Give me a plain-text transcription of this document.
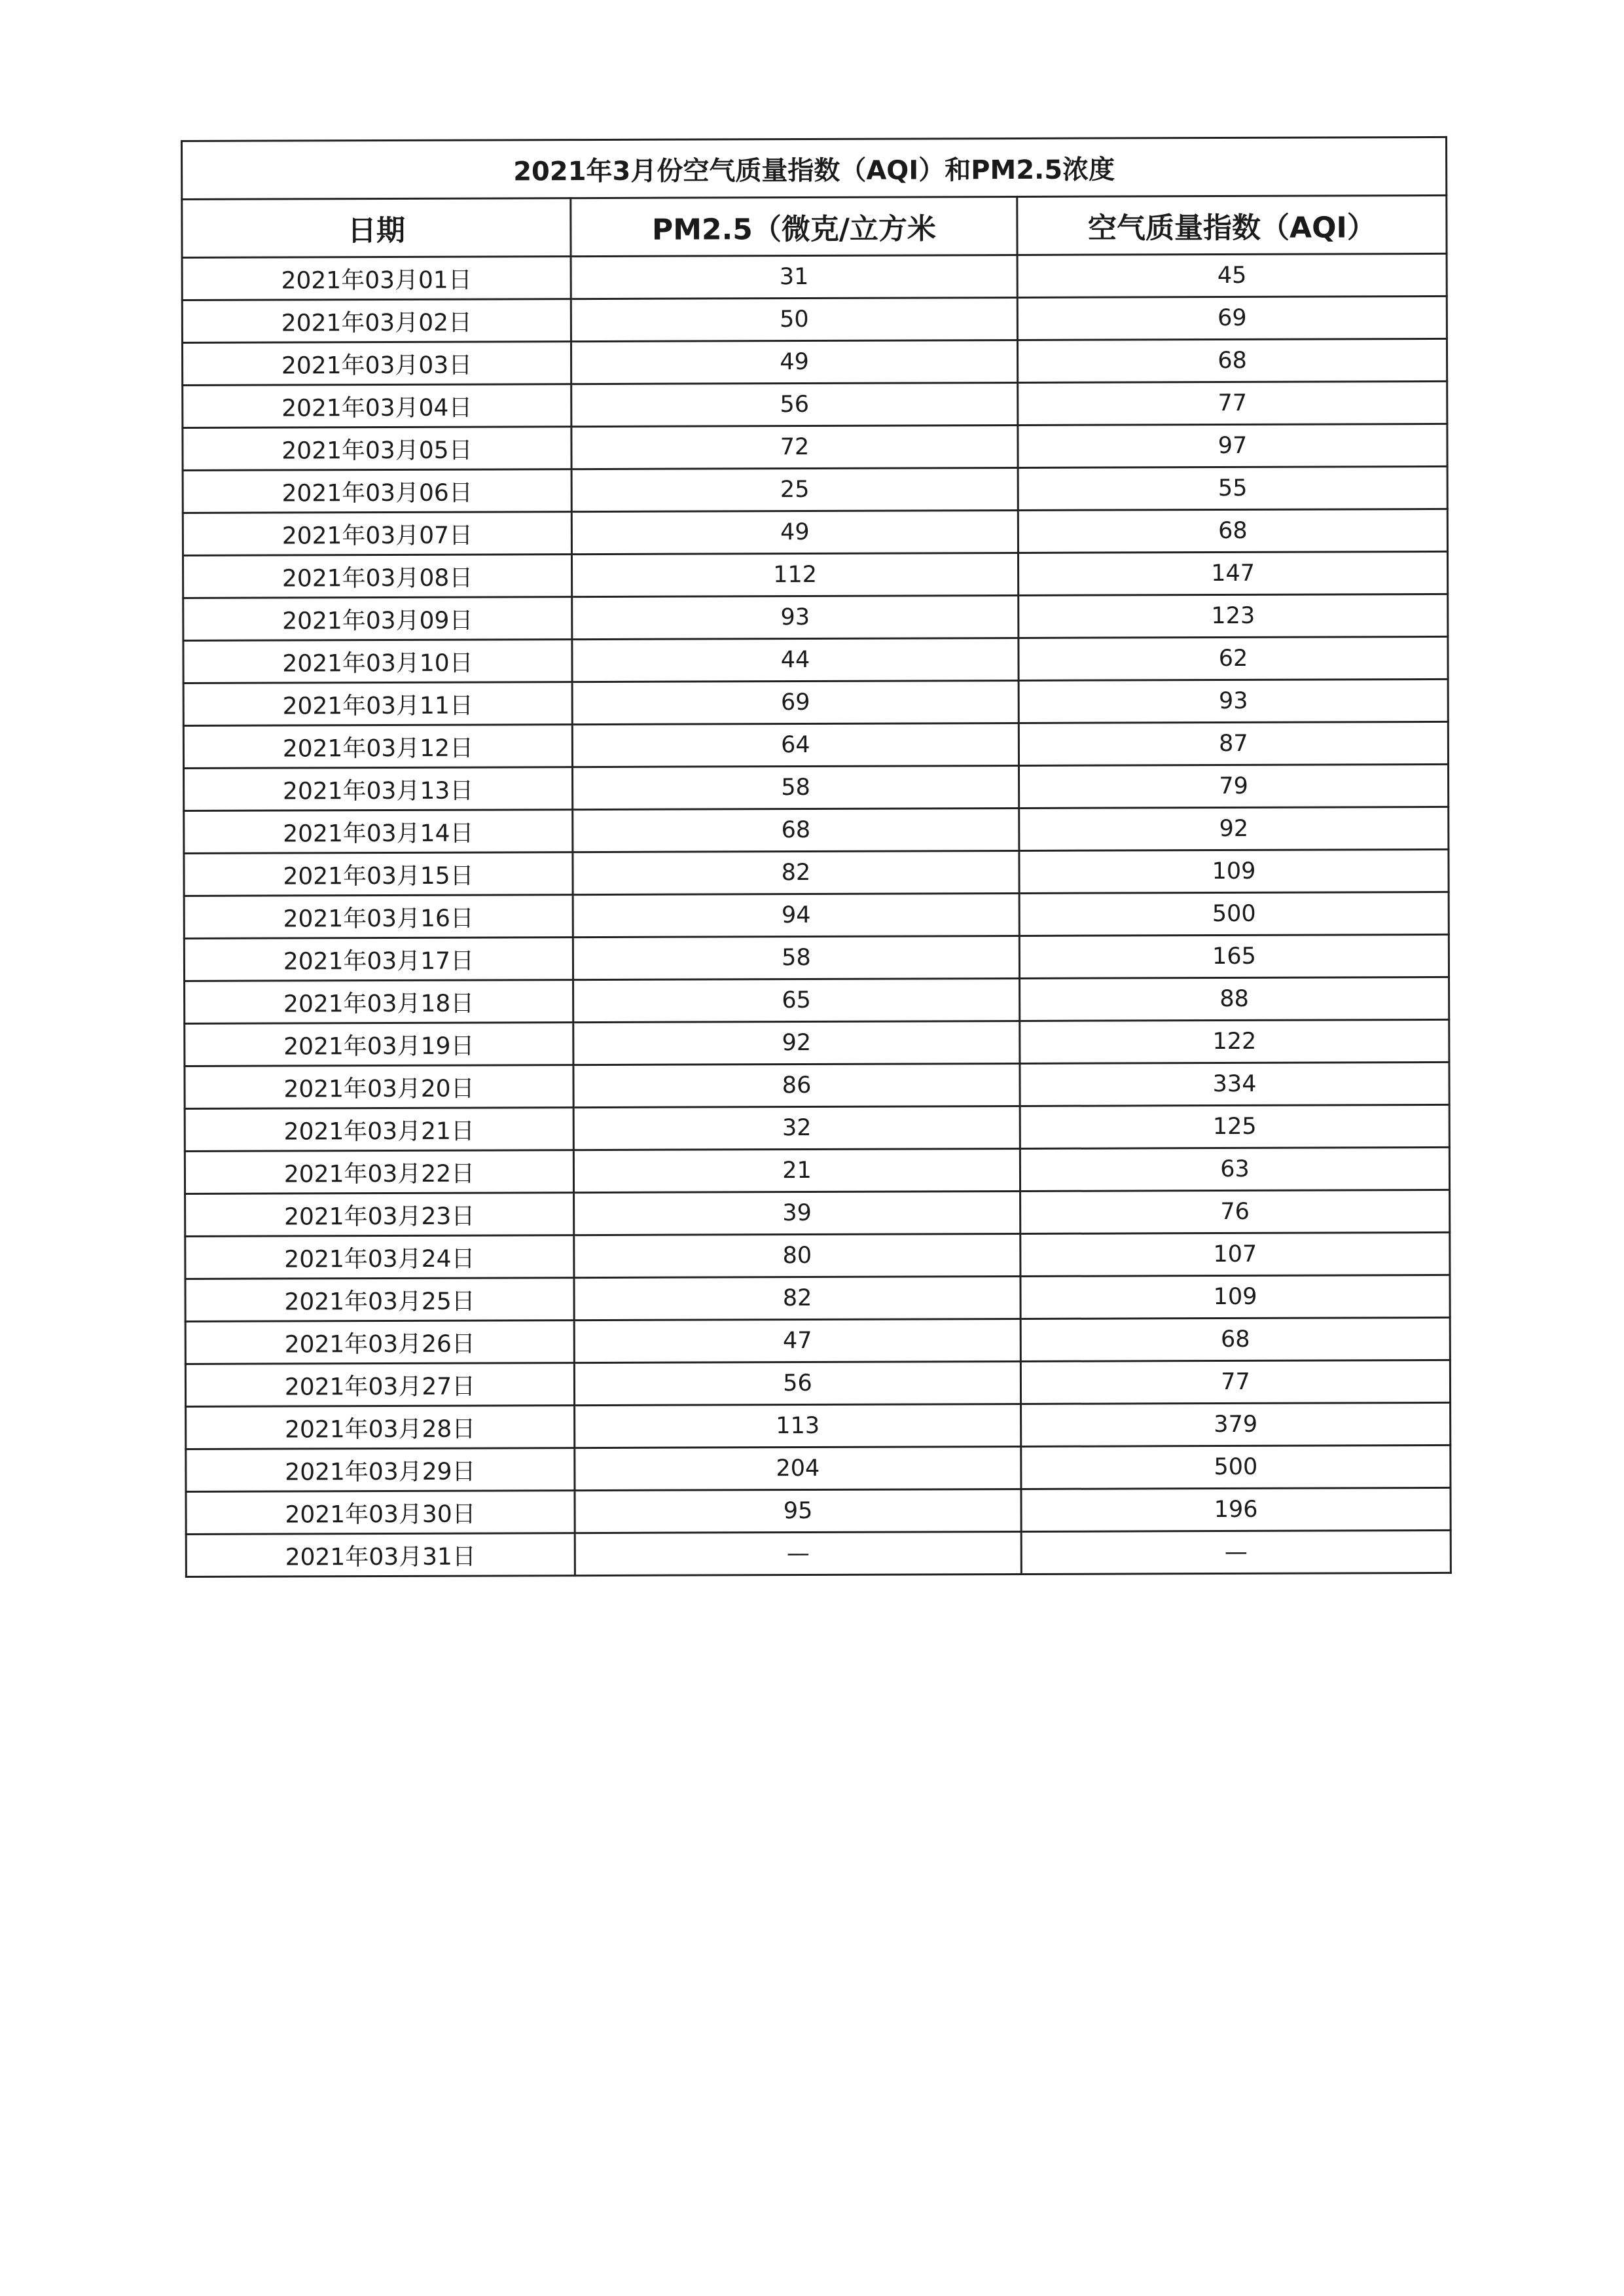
2021年3月份空气质量指数（AQI）和PM2.5浓度		
日期	PM2.5（微克/立方米	空气质量指数（AQI）
2021年03月01日	31	45
2021年03月02日	50	69
2021年03月03日	49	68
2021年03月04日	56	77
2021年03月05日	72	97
2021年03月06日	25	55
2021年03月07日	49	68
2021年03月08日	112	147
2021年03月09日	93	123
2021年03月10日	44	62
2021年03月11日	69	93
2021年03月12日	64	87
2021年03月13日	58	79
2021年03月14日	68	92
2021年03月15日	82	109
2021年03月16日	94	500
2021年03月17日	58	165
2021年03月18日	65	88
2021年03月19日	92	122
2021年03月20日	86	334
2021年03月21日	32	125
2021年03月22日	21	63
2021年03月23日	39	76
2021年03月24日	80	107
2021年03月25日	82	109
2021年03月26日	47	68
2021年03月27日	56	77
2021年03月28日	113	379
2021年03月29日	204	500
2021年03月30日	95	196
2021年03月31日	—	—
